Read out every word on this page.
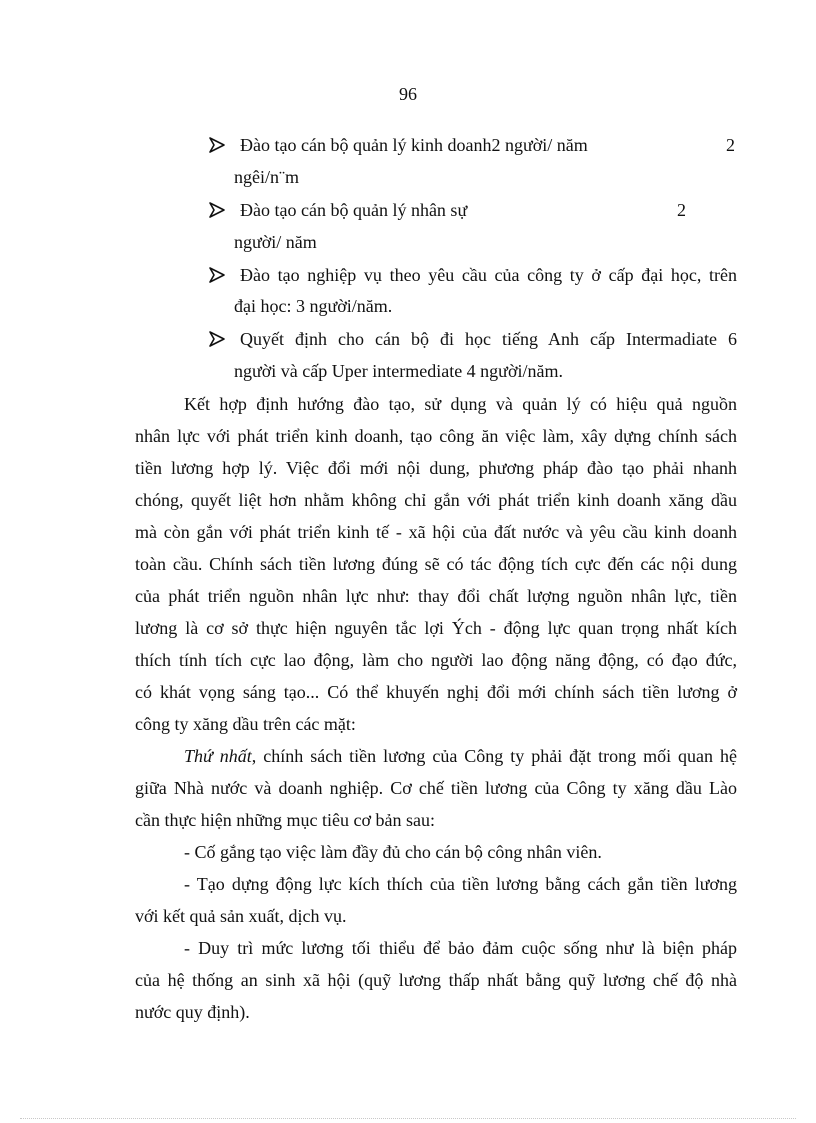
96
Đào tạo cán bộ quản lý kinh doanh2 người/ năm	2
ngêi/n¨m
Đào tạo cán bộ quản lý nhân sự	2
người/ năm
Đào tạo nghiệp vụ theo yêu cầu của công ty ở cấp đại học, trên
đại học: 3 người/năm.
Quyết định cho cán bộ đi học tiếng Anh cấp Intermadiate 6
người và cấp Uper intermediate 4 người/năm.
Kết hợp định hướng đào tạo, sử dụng và quản lý có hiệu quả nguồn
nhân lực với phát triển kinh doanh, tạo công ăn việc làm, xây dựng chính sách
tiền lương hợp lý. Việc đổi mới nội dung, phương pháp đào tạo phải nhanh
chóng, quyết liệt hơn nhằm không chỉ gắn với phát triển kinh doanh xăng dầu
mà còn gắn với phát triển kinh tế - xã hội của đất nước và yêu cầu kinh doanh
toàn cầu. Chính sách tiền lương đúng sẽ có tác động tích cực đến các nội dung
của phát triển nguồn nhân lực như: thay đổi chất lượng nguồn nhân lực, tiền
lương là cơ sở thực hiện nguyên tắc lợi Ých - động lực quan trọng nhất kích
thích tính tích cực lao động, làm cho người lao động năng động, có đạo đức,
có khát vọng sáng tạo... Có thể khuyến nghị đổi mới chính sách tiền lương ở
công ty xăng dầu trên các mặt:
Thứ nhất, chính sách tiền lương của Công ty phải đặt trong mối quan hệ
giữa Nhà nước và doanh nghiệp. Cơ chế tiền lương của Công ty xăng dầu Lào
cần thực hiện những mục tiêu cơ bản sau:
- Cố gắng tạo việc làm đầy đủ cho cán bộ công nhân viên.
- Tạo dựng động lực kích thích của tiền lương bằng cách gắn tiền lương
với kết quả sản xuất, dịch vụ.
- Duy trì mức lương tối thiểu để bảo đảm cuộc sống như là biện pháp
của hệ thống an sinh xã hội (quỹ lương thấp nhất bằng quỹ lương chế độ nhà
nước quy định).
